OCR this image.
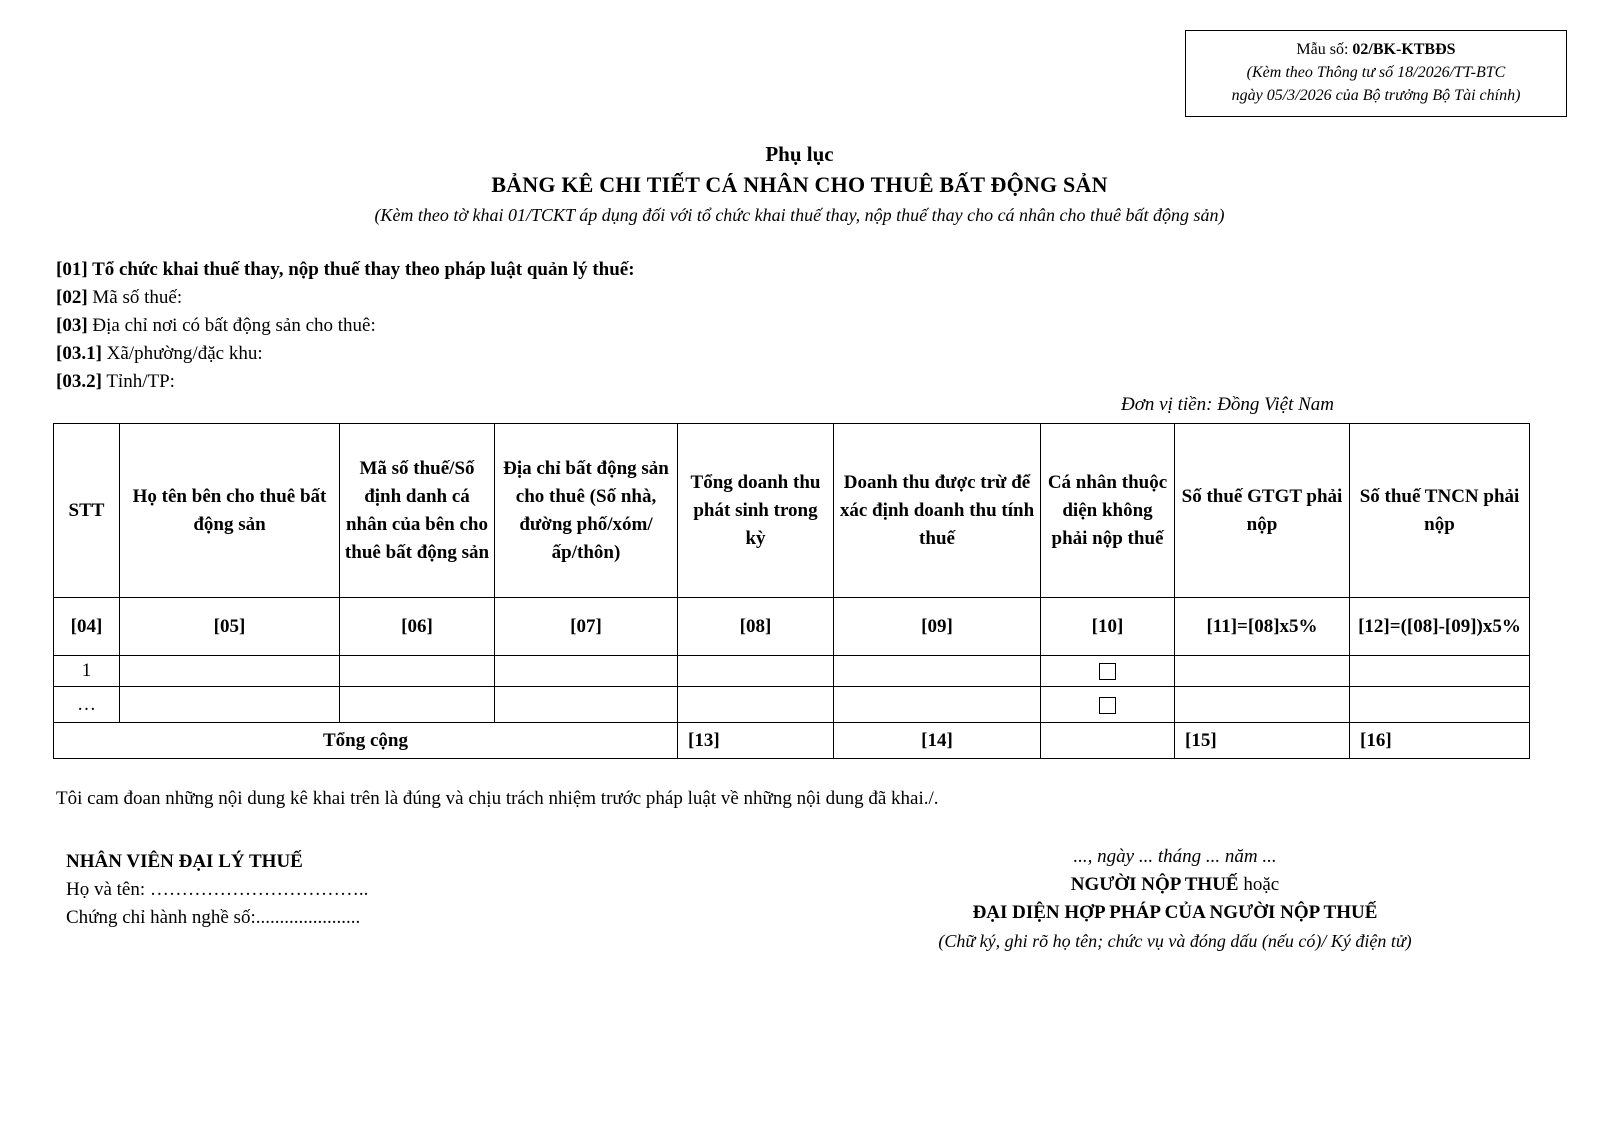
Mẫu số: 02/BK-KTBĐS
(Kèm theo Thông tư số 18/2026/TT-BTC
ngày 05/3/2026 của Bộ trưởng Bộ Tài chính)
Phụ lục
BẢNG KÊ CHI TIẾT CÁ NHÂN CHO THUÊ BẤT ĐỘNG SẢN
(Kèm theo tờ khai 01/TCKT áp dụng đối với tổ chức khai thuế thay, nộp thuế thay cho cá nhân cho thuê bất động sản)
[01] Tổ chức khai thuế thay, nộp thuế thay theo pháp luật quản lý thuế:
[02] Mã số thuế:
[03] Địa chỉ nơi có bất động sản cho thuê:
[03.1] Xã/phường/đặc khu:
[03.2] Tỉnh/TP:
Đơn vị tiền: Đồng Việt Nam
STT	Họ tên bên cho thuê bất động sản	Mã số thuế/Số định danh cá nhân của bên cho thuê bất động sản	Địa chỉ bất động sản cho thuê (Số nhà, đường phố/xóm/ấp/thôn)	Tổng doanh thu phát sinh trong kỳ	Doanh thu được trừ để xác định doanh thu tính thuế	Cá nhân thuộc diện không phải nộp thuế	Số thuế GTGT phải nộp	Số thuế TNCN phải nộp
[04]	[05]	[06]	[07]	[08]	[09]	[10]	[11]=[08]x5%	[12]=([08]-[09])x5%
1								
…								
Tổng cộng				[13]	[14]		[15]	[16]
Tôi cam đoan những nội dung kê khai trên là đúng và chịu trách nhiệm trước pháp luật về những nội dung đã khai./.
NHÂN VIÊN ĐẠI LÝ THUẾ
Họ và tên: ……………………………..
Chứng chỉ hành nghề số:......................
..., ngày ... tháng ... năm ...
NGƯỜI NỘP THUẾ hoặc
ĐẠI DIỆN HỢP PHÁP CỦA NGƯỜI NỘP THUẾ
(Chữ ký, ghi rõ họ tên; chức vụ và đóng dấu (nếu có)/ Ký điện tử)
